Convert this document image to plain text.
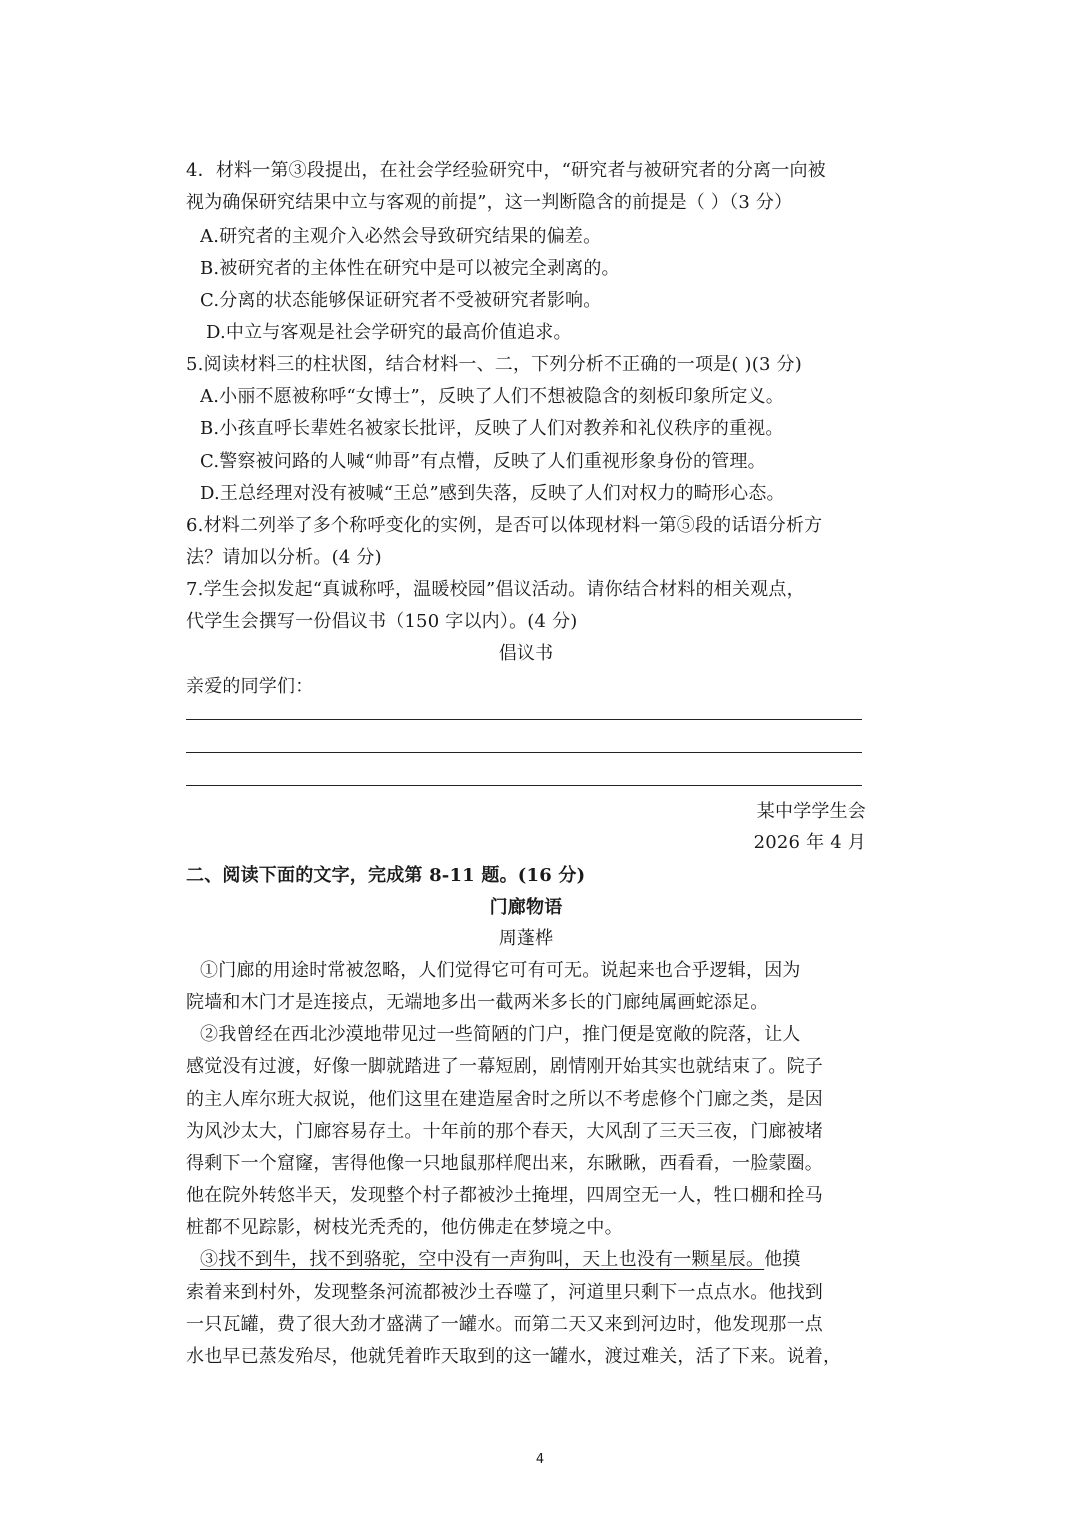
4．材料一第③段提出，在社会学经验研究中，“研究者与被研究者的分离一向被
视为确保研究结果中立与客观的前提”，这一判断隐含的前提是（ ）（3 分）
A.研究者的主观介入必然会导致研究结果的偏差。
B.被研究者的主体性在研究中是可以被完全剥离的。
C.分离的状态能够保证研究者不受被研究者影响。
D.中立与客观是社会学研究的最高价值追求。
5.阅读材料三的柱状图，结合材料一、二，下列分析不正确的一项是( )(3 分)
A.小丽不愿被称呼“女博士”，反映了人们不想被隐含的刻板印象所定义。
B.小孩直呼长辈姓名被家长批评，反映了人们对教养和礼仪秩序的重视。
C.警察被问路的人喊“帅哥”有点懵，反映了人们重视形象身份的管理。
D.王总经理对没有被喊“王总”感到失落，反映了人们对权力的畸形心态。
6.材料二列举了多个称呼变化的实例，是否可以体现材料一第⑤段的话语分析方
法？请加以分析。(4 分)
7.学生会拟发起“真诚称呼，温暖校园”倡议活动。请你结合材料的相关观点，
代学生会撰写一份倡议书（150 字以内）。(4 分)
倡议书
亲爱的同学们：
某中学学生会
2026 年 4 月
二、阅读下面的文字，完成第 8-11 题。(16 分)
门廊物语
周蓬桦
①门廊的用途时常被忽略，人们觉得它可有可无。说起来也合乎逻辑，因为
院墙和木门才是连接点，无端地多出一截两米多长的门廊纯属画蛇添足。
②我曾经在西北沙漠地带见过一些简陋的门户，推门便是宽敞的院落，让人
感觉没有过渡，好像一脚就踏进了一幕短剧，剧情刚开始其实也就结束了。院子
的主人库尔班大叔说，他们这里在建造屋舍时之所以不考虑修个门廊之类，是因
为风沙太大，门廊容易存土。十年前的那个春天，大风刮了三天三夜，门廊被堵
得剩下一个窟窿，害得他像一只地鼠那样爬出来，东瞅瞅，西看看，一脸蒙圈。
他在院外转悠半天，发现整个村子都被沙土掩埋，四周空无一人，牲口棚和拴马
桩都不见踪影，树枝光秃秃的，他仿佛走在梦境之中。
③找不到牛，找不到骆驼，空中没有一声狗叫，天上也没有一颗星辰。他摸
索着来到村外，发现整条河流都被沙土吞噬了，河道里只剩下一点点水。他找到
一只瓦罐，费了很大劲才盛满了一罐水。而第二天又来到河边时，他发现那一点
水也早已蒸发殆尽，他就凭着昨天取到的这一罐水，渡过难关，活了下来。说着，
4
